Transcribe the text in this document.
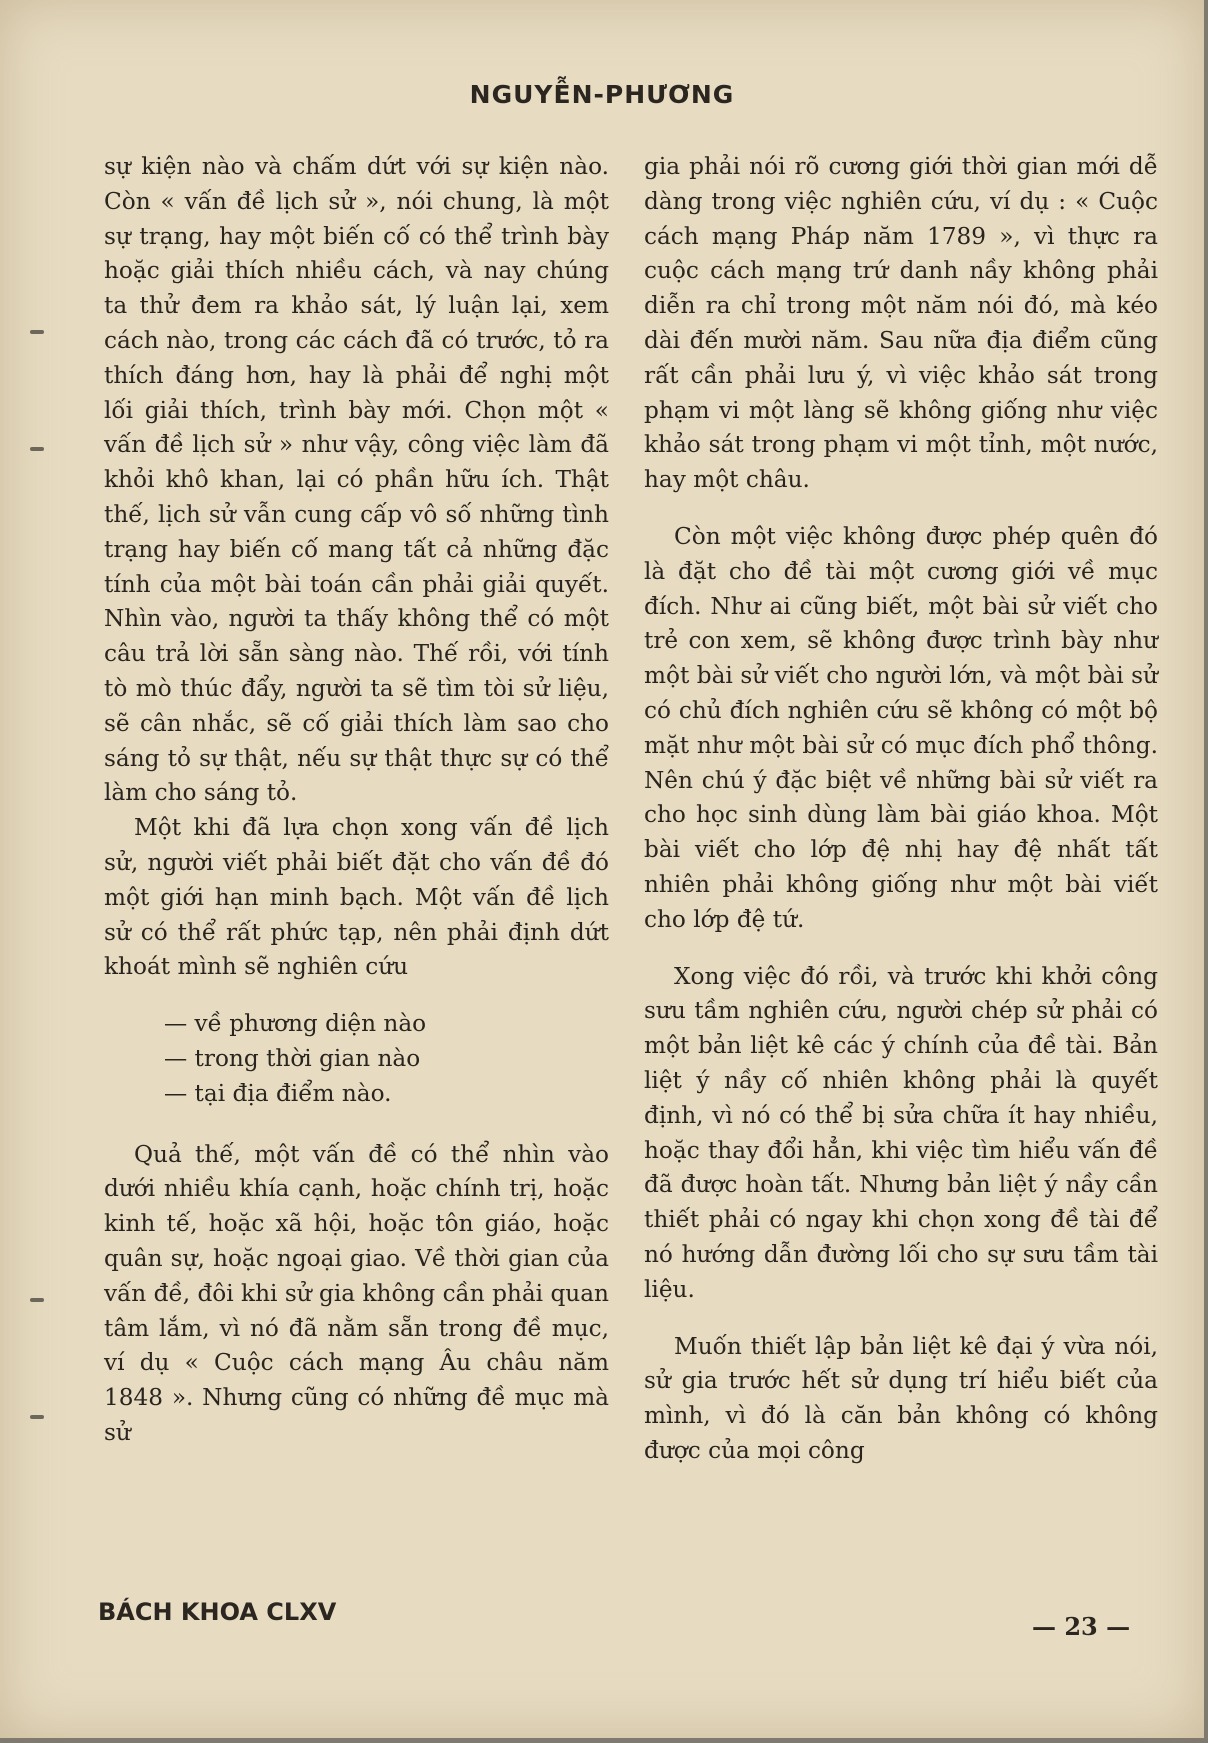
NGUYỄN-PHƯƠNG

sự kiện nào và chấm dứt với sự kiện nào. Còn « vấn đề lịch sử », nói chung, là một sự trạng, hay một biến cố có thể trình bày hoặc giải thích nhiều cách, và nay chúng ta thử đem ra khảo sát, lý luận lại, xem cách nào, trong các cách đã có trước, tỏ ra thích đáng hơn, hay là phải để nghị một lối giải thích, trình bày mới. Chọn một « vấn đề lịch sử » như vậy, công việc làm đã khỏi khô khan, lại có phần hữu ích. Thật thế, lịch sử vẫn cung cấp vô số những tình trạng hay biến cố mang tất cả những đặc tính của một bài toán cần phải giải quyết. Nhìn vào, người ta thấy không thể có một câu trả lời sẵn sàng nào. Thế rồi, với tính tò mò thúc đẩy, người ta sẽ tìm tòi sử liệu, sẽ cân nhắc, sẽ cố giải thích làm sao cho sáng tỏ sự thật, nếu sự thật thực sự có thể làm cho sáng tỏ.

Một khi đã lựa chọn xong vấn đề lịch sử, người viết phải biết đặt cho vấn đề đó một giới hạn minh bạch. Một vấn đề lịch sử có thể rất phức tạp, nên phải định dứt khoát mình sẽ nghiên cứu

— về phương diện nào
— trong thời gian nào
— tại địa điểm nào.

Quả thế, một vấn đề có thể nhìn vào dưới nhiều khía cạnh, hoặc chính trị, hoặc kinh tế, hoặc xã hội, hoặc tôn giáo, hoặc quân sự, hoặc ngoại giao. Về thời gian của vấn đề, đôi khi sử gia không cần phải quan tâm lắm, vì nó đã nằm sẵn trong đề mục, ví dụ « Cuộc cách mạng Âu châu năm 1848 ». Nhưng cũng có những đề mục mà sử

gia phải nói rõ cương giới thời gian mới dễ dàng trong việc nghiên cứu, ví dụ : « Cuộc cách mạng Pháp năm 1789 », vì thực ra cuộc cách mạng trứ danh nầy không phải diễn ra chỉ trong một năm nói đó, mà kéo dài đến mười năm. Sau nữa địa điểm cũng rất cần phải lưu ý, vì việc khảo sát trong phạm vi một làng sẽ không giống như việc khảo sát trong phạm vi một tỉnh, một nước, hay một châu.

Còn một việc không được phép quên đó là đặt cho đề tài một cương giới về mục đích. Như ai cũng biết, một bài sử viết cho trẻ con xem, sẽ không được trình bày như một bài sử viết cho người lớn, và một bài sử có chủ đích nghiên cứu sẽ không có một bộ mặt như một bài sử có mục đích phổ thông. Nên chú ý đặc biệt về những bài sử viết ra cho học sinh dùng làm bài giáo khoa. Một bài viết cho lớp đệ nhị hay đệ nhất tất nhiên phải không giống như một bài viết cho lớp đệ tứ.

Xong việc đó rồi, và trước khi khởi công sưu tầm nghiên cứu, người chép sử phải có một bản liệt kê các ý chính của đề tài. Bản liệt ý nầy cố nhiên không phải là quyết định, vì nó có thể bị sửa chữa ít hay nhiều, hoặc thay đổi hẳn, khi việc tìm hiểu vấn đề đã được hoàn tất. Nhưng bản liệt ý nầy cần thiết phải có ngay khi chọn xong đề tài để nó hướng dẫn đường lối cho sự sưu tầm tài liệu.

Muốn thiết lập bản liệt kê đại ý vừa nói, sử gia trước hết sử dụng trí hiểu biết của mình, vì đó là căn bản không có không được của mọi công

BÁCH KHOA CLXV	— 23 —
